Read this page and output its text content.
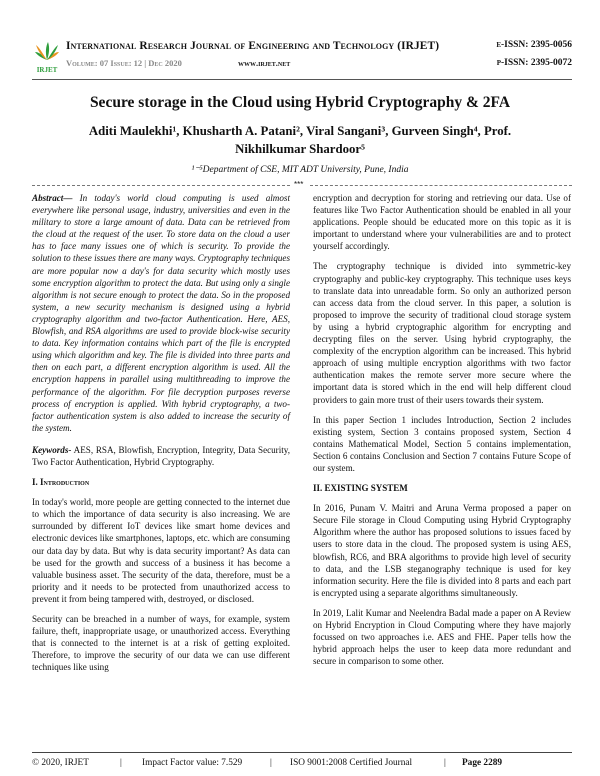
IRJET
International Research Journal of Engineering and Technology (IRJET)	e-ISSN: 2395-0056
Volume: 07 Issue: 12 | Dec 2020	www.irjet.net	p-ISSN: 2395-0072
Secure storage in the Cloud using Hybrid Cryptography & 2FA
Aditi Maulekhi¹, Khusharth A. Patani², Viral Sangani³, Gurveen Singh⁴, Prof. Nikhilkumar Shardoor⁵
¹⁻⁵Department of CSE, MIT ADT University, Pune, India
***

Abstract— In today's world cloud computing is used almost everywhere like personal usage, industry, universities and even in the military to store a large amount of data. Data can be retrieved from the cloud at the request of the user. To store data on the cloud a user has to face many issues one of which is security. To provide the solution to these issues there are many ways. Cryptography techniques are more popular now a day's for data security which mostly uses some encryption algorithm to protect the data. But using only a single algorithm is not secure enough to protect the data. So in the proposed system, a new security mechanism is designed using a hybrid cryptography algorithm and two-factor Authentication. Here, AES, Blowfish, and RSA algorithms are used to provide block-wise security to data. Key information contains which part of the file is encrypted using which algorithm and key. The file is divided into three parts and then on each part, a different encryption algorithm is used. All the encryption happens in parallel using multithreading to improve the performance of the algorithm. For file decryption purposes reverse process of encryption is applied. With hybrid cryptography, a two-factor authentication system is also added to increase the security of the system.

Keywords- AES, RSA, Blowfish, Encryption, Integrity, Data Security, Two Factor Authentication, Hybrid Cryptography.

I. Introduction

In today's world, more people are getting connected to the internet due to which the importance of data security is also increasing. We are surrounded by different IoT devices like smart home devices and electronic devices like smartphones, laptops, etc. which are consuming our data day by data. But why is data security important? As data can be used for the growth and success of a business it has become a valuable business asset. The security of the data, therefore, must be a priority and it needs to be protected from unauthorized access to prevent it from being tampered with, destroyed, or disclosed.

Security can be breached in a number of ways, for example, system failure, theft, inappropriate usage, or unauthorized access. Everything that is connected to the internet is at a risk of getting exploited. Therefore, to improve the security of our data we can use different techniques like using

encryption and decryption for storing and retrieving our data. Use of features like Two Factor Authentication should be enabled in all your applications. People should be educated more on this topic as it is important to understand where your vulnerabilities are and to protect yourself accordingly.

The cryptography technique is divided into symmetric-key cryptography and public-key cryptography. This technique uses keys to translate data into unreadable form. So only an authorized person can access data from the cloud server. In this paper, a solution is proposed to improve the security of traditional cloud storage system by using a hybrid cryptographic algorithm for encrypting and decrypting files on the server. Using hybrid cryptography, the complexity of the encryption algorithm can be increased. This hybrid approach of using multiple encryption algorithms with two factor authentication makes the remote server more secure where the important data is stored which in the end will help different cloud providers to gain more trust of their users towards their system.

In this paper Section 1 includes Introduction, Section 2 includes existing system, Section 3 contains proposed system, Section 4 contains Mathematical Model, Section 5 contains implementation, Section 6 contains Conclusion and Section 7 contains Future Scope of our system.

II. EXISTING SYSTEM

In 2016, Punam V. Maitri and Aruna Verma proposed a paper on Secure File storage in Cloud Computing using Hybrid Cryptography Algorithm where the author has proposed solutions to issues faced by users to store data in the cloud. The proposed system is using AES, blowfish, RC6, and BRA algorithms to provide high level of security to data, and the LSB steganography technique is used for key information security. Here the file is divided into 8 parts and each part is encrypted using a separate algorithms simultaneously.

In 2019, Lalit Kumar and Neelendra Badal made a paper on A Review on Hybrid Encryption in Cloud Computing where they have majorly focussed on two approaches i.e. AES and FHE. Paper tells how the hybrid approach helps the user to keep data more redundant and secure in comparison to some other.

© 2020, IRJET	| Impact Factor value: 7.529	| ISO 9001:2008 Certified Journal	| Page 2289
